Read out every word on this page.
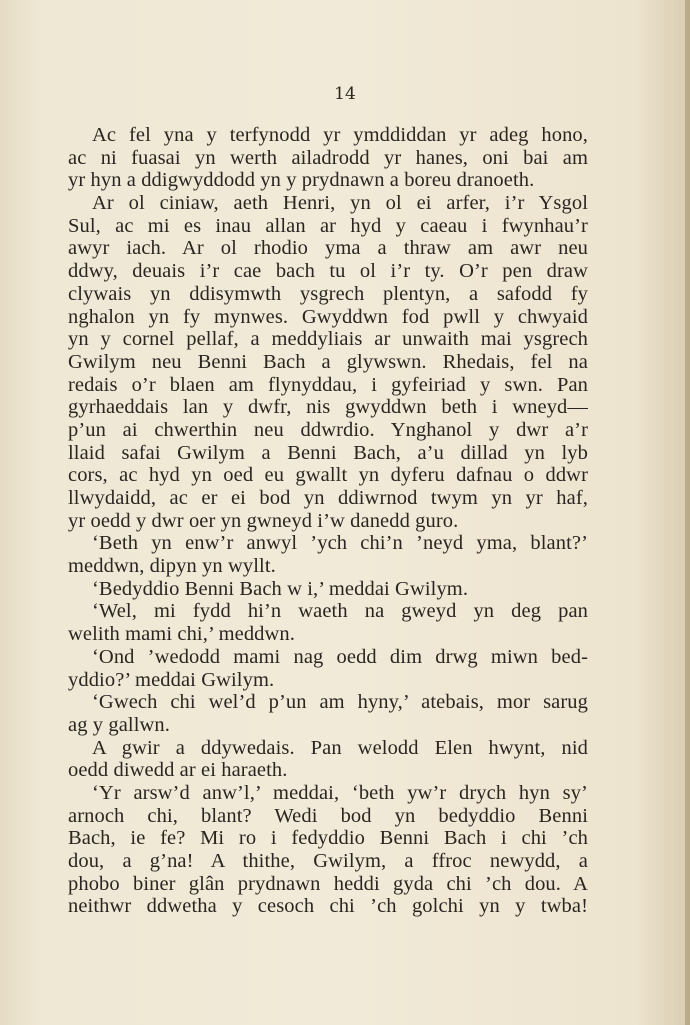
14
Ac fel yna y terfynodd yr ymddiddan yr adeg hono,
ac ni fuasai yn werth ailadrodd yr hanes, oni bai am
yr hyn a ddigwyddodd yn y prydnawn a boreu dranoeth.
Ar ol ciniaw, aeth Henri, yn ol ei arfer, i’r Ysgol
Sul, ac mi es inau allan ar hyd y caeau i fwynhau’r
awyr iach. Ar ol rhodio yma a thraw am awr neu
ddwy, deuais i’r cae bach tu ol i’r ty. O’r pen draw
clywais yn ddisymwth ysgrech plentyn, a safodd fy
nghalon yn fy mynwes. Gwyddwn fod pwll y chwyaid
yn y cornel pellaf, a meddyliais ar unwaith mai ysgrech
Gwilym neu Benni Bach a glywswn. Rhedais, fel na
redais o’r blaen am flynyddau, i gyfeiriad y swn. Pan
gyrhaeddais lan y dwfr, nis gwyddwn beth i wneyd—
p’un ai chwerthin neu ddwrdio. Ynghanol y dwr a’r
llaid safai Gwilym a Benni Bach, a’u dillad yn lyb
cors, ac hyd yn oed eu gwallt yn dyferu dafnau o ddwr
llwydaidd, ac er ei bod yn ddiwrnod twym yn yr haf,
yr oedd y dwr oer yn gwneyd i’w danedd guro.
‘Beth yn enw’r anwyl ’ych chi’n ’neyd yma, blant?’
meddwn, dipyn yn wyllt.
‘Bedyddio Benni Bach w i,’ meddai Gwilym.
‘Wel, mi fydd hi’n waeth na gweyd yn deg pan
welith mami chi,’ meddwn.
‘Ond ’wedodd mami nag oedd dim drwg miwn bed-
yddio?’ meddai Gwilym.
‘Gwech chi wel’d p’un am hyny,’ atebais, mor sarug
ag y gallwn.
A gwir a ddywedais. Pan welodd Elen hwynt, nid
oedd diwedd ar ei haraeth.
‘Yr arsw’d anw’l,’ meddai, ‘beth yw’r drych hyn sy’
arnoch chi, blant? Wedi bod yn bedyddio Benni
Bach, ie fe? Mi ro i fedyddio Benni Bach i chi ’ch
dou, a g’na! A thithe, Gwilym, a ffroc newydd, a
phobo biner glân prydnawn heddi gyda chi ’ch dou. A
neithwr ddwetha y cesoch chi ’ch golchi yn y twba!
